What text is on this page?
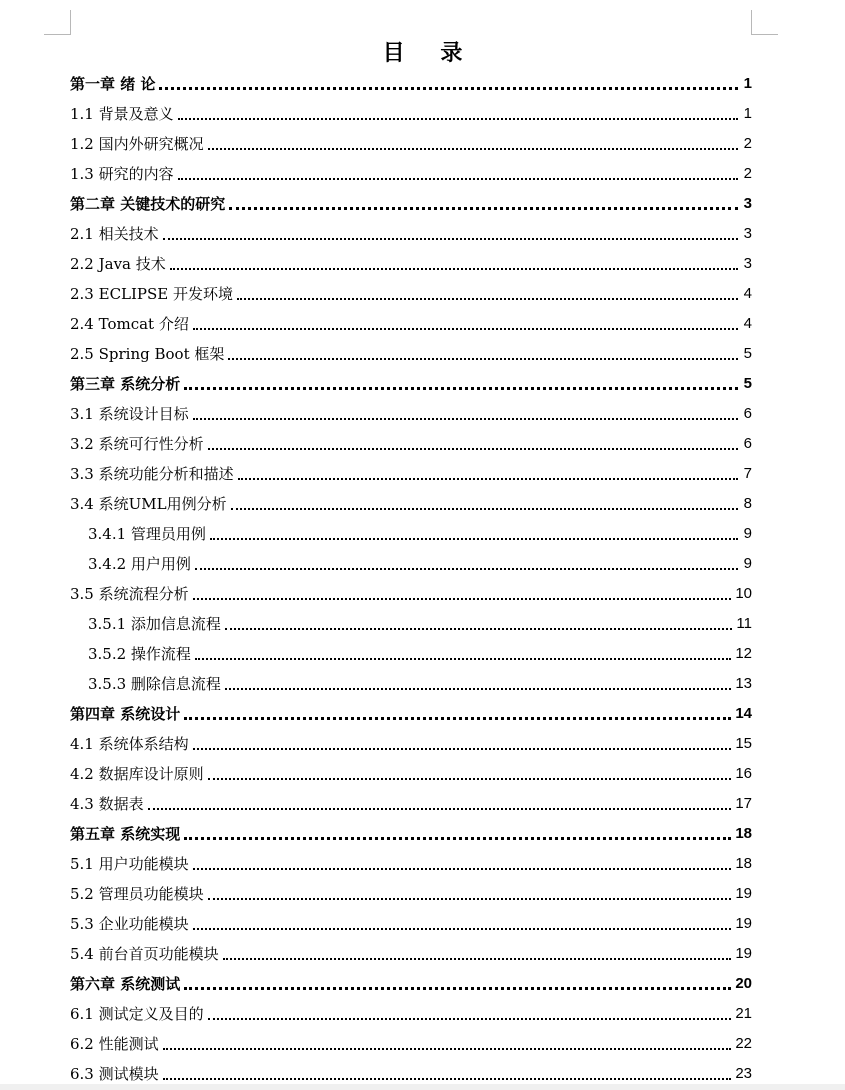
目 录
第一章 绪 论	1
1.1 背景及意义	1
1.2 国内外研究概况	2
1.3 研究的内容	2
第二章 关键技术的研究	3
2.1 相关技术	3
2.2 Java 技术	3
2.3 ECLIPSE 开发环境	4
2.4 Tomcat 介绍	4
2.5 Spring Boot 框架	5
第三章 系统分析	5
3.1 系统设计目标	6
3.2 系统可行性分析	6
3.3 系统功能分析和描述	7
3.4 系统UML用例分析	8
3.4.1 管理员用例	9
3.4.2 用户用例	9
3.5 系统流程分析	10
3.5.1 添加信息流程	11
3.5.2 操作流程	12
3.5.3 删除信息流程	13
第四章 系统设计	14
4.1 系统体系结构	15
4.2 数据库设计原则	16
4.3 数据表	17
第五章 系统实现	18
5.1 用户功能模块	18
5.2 管理员功能模块	19
5.3 企业功能模块	19
5.4 前台首页功能模块	19
第六章 系统测试	20
6.1 测试定义及目的	21
6.2 性能测试	22
6.3 测试模块	23
